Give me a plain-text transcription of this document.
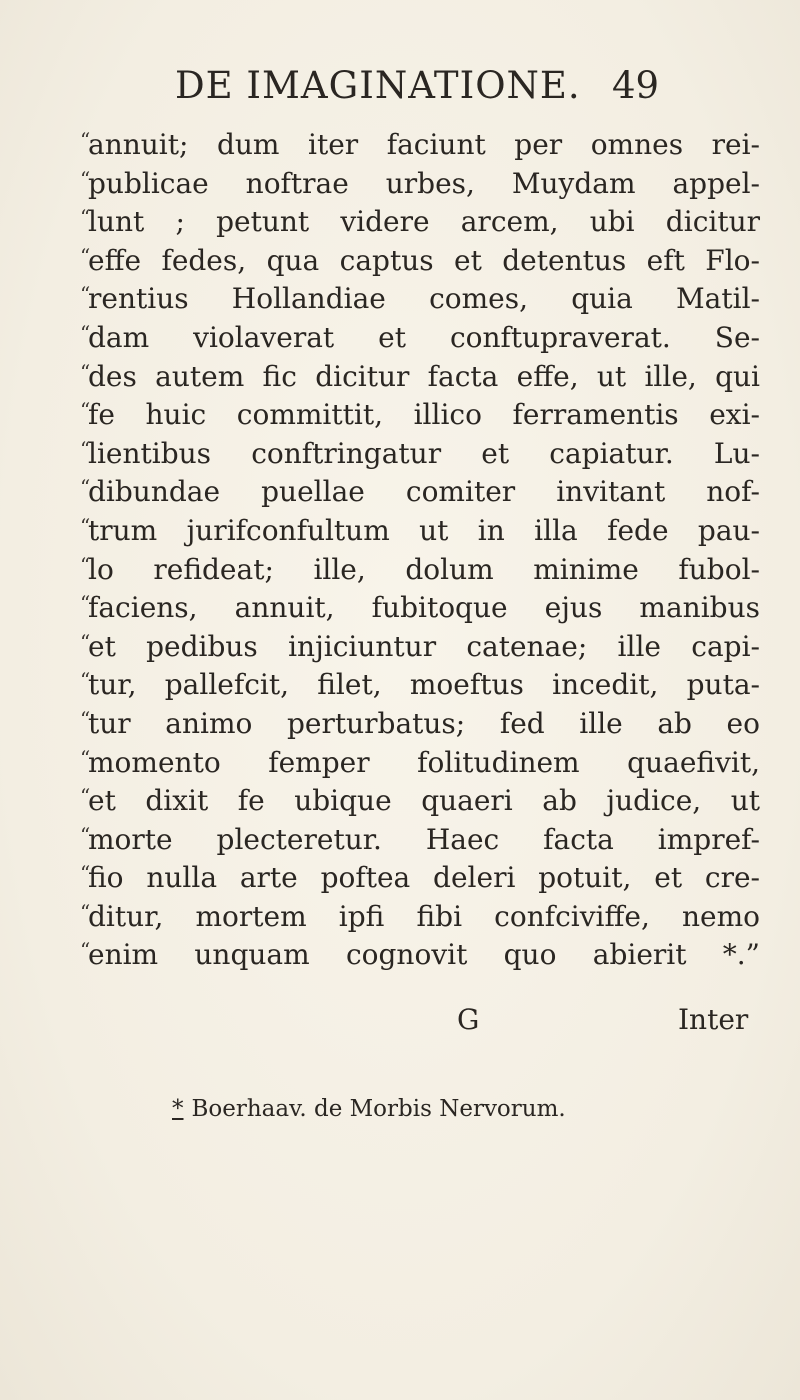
DE IMAGINATIONE. 49
“
annuit; dum iter faciunt per omnes rei-
“
publicae noftrae urbes, Muydam appel-
“
lunt ; petunt videre arcem, ubi dicitur
“
effe fedes, qua captus et detentus eft Flo-
“
rentius Hollandiae comes, quia Matil-
“
dam violaverat et conftupraverat. Se-
“
des autem fic dicitur facta effe, ut ille, qui
“
fe huic committit, illico ferramentis exi-
“
lientibus conftringatur et capiatur. Lu-
“
dibundae puellae comiter invitant nof-
“
trum jurifconfultum ut in illa fede pau-
“
lo refideat; ille, dolum minime fubol-
“
faciens, annuit, fubitoque ejus manibus
“
et pedibus injiciuntur catenae; ille capi-
“
tur, pallefcit, filet, moeftus incedit, puta-
“
tur animo perturbatus; fed ille ab eo
“
momento femper folitudinem quaefivit,
“
et dixit fe ubique quaeri ab judice, ut
“
morte plecteretur. Haec facta impref-
“
fio nulla arte poftea deleri potuit, et cre-
“
ditur, mortem ipfi fibi confciviffe, nemo
“
enim unquam cognovit quo abierit *.”
G	Inter
* Boerhaav. de Morbis Nervorum.
